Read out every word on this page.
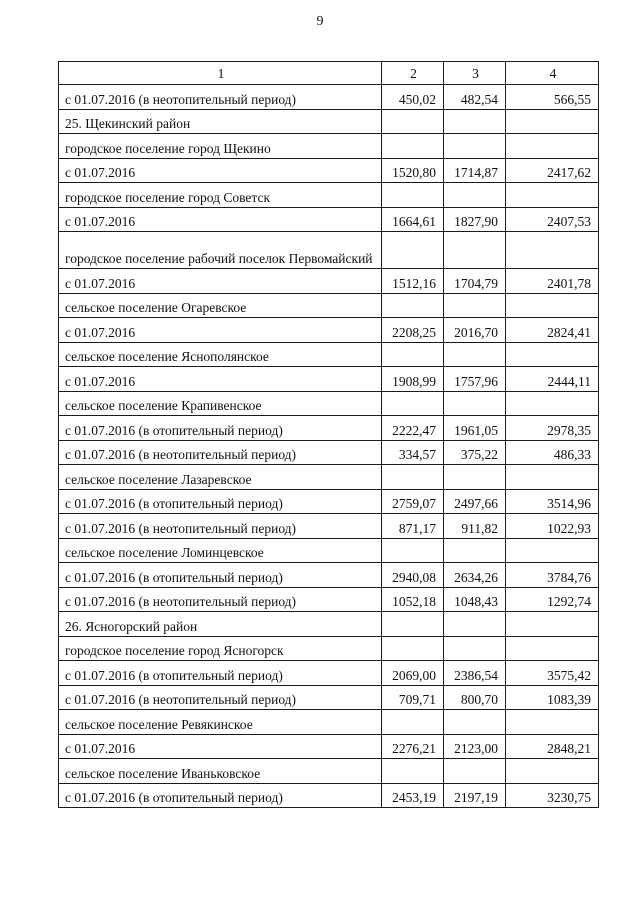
9
1	2	3	4
с 01.07.2016 (в неотопительный период)	450,02	482,54	566,55
25. Щекинский район			
городское поселение город Щекино			
с 01.07.2016	1520,80	1714,87	2417,62
городское поселение город Советск			
с 01.07.2016	1664,61	1827,90	2407,53
городское поселение рабочий поселок Первомайский			
с 01.07.2016	1512,16	1704,79	2401,78
сельское поселение Огаревское			
с 01.07.2016	2208,25	2016,70	2824,41
сельское поселение Яснополянское			
с 01.07.2016	1908,99	1757,96	2444,11
сельское поселение Крапивенское			
с 01.07.2016 (в отопительный период)	2222,47	1961,05	2978,35
с 01.07.2016 (в неотопительный период)	334,57	375,22	486,33
сельское поселение Лазаревское			
с 01.07.2016 (в отопительный период)	2759,07	2497,66	3514,96
с 01.07.2016 (в неотопительный период)	871,17	911,82	1022,93
сельское поселение Ломинцевское			
с 01.07.2016 (в отопительный период)	2940,08	2634,26	3784,76
с 01.07.2016 (в неотопительный период)	1052,18	1048,43	1292,74
26. Ясногорский район			
городское поселение город Ясногорск			
с 01.07.2016 (в отопительный период)	2069,00	2386,54	3575,42
с 01.07.2016 (в неотопительный период)	709,71	800,70	1083,39
сельское поселение Ревякинское			
с 01.07.2016	2276,21	2123,00	2848,21
сельское поселение Иваньковское			
с 01.07.2016 (в отопительный период)	2453,19	2197,19	3230,75
